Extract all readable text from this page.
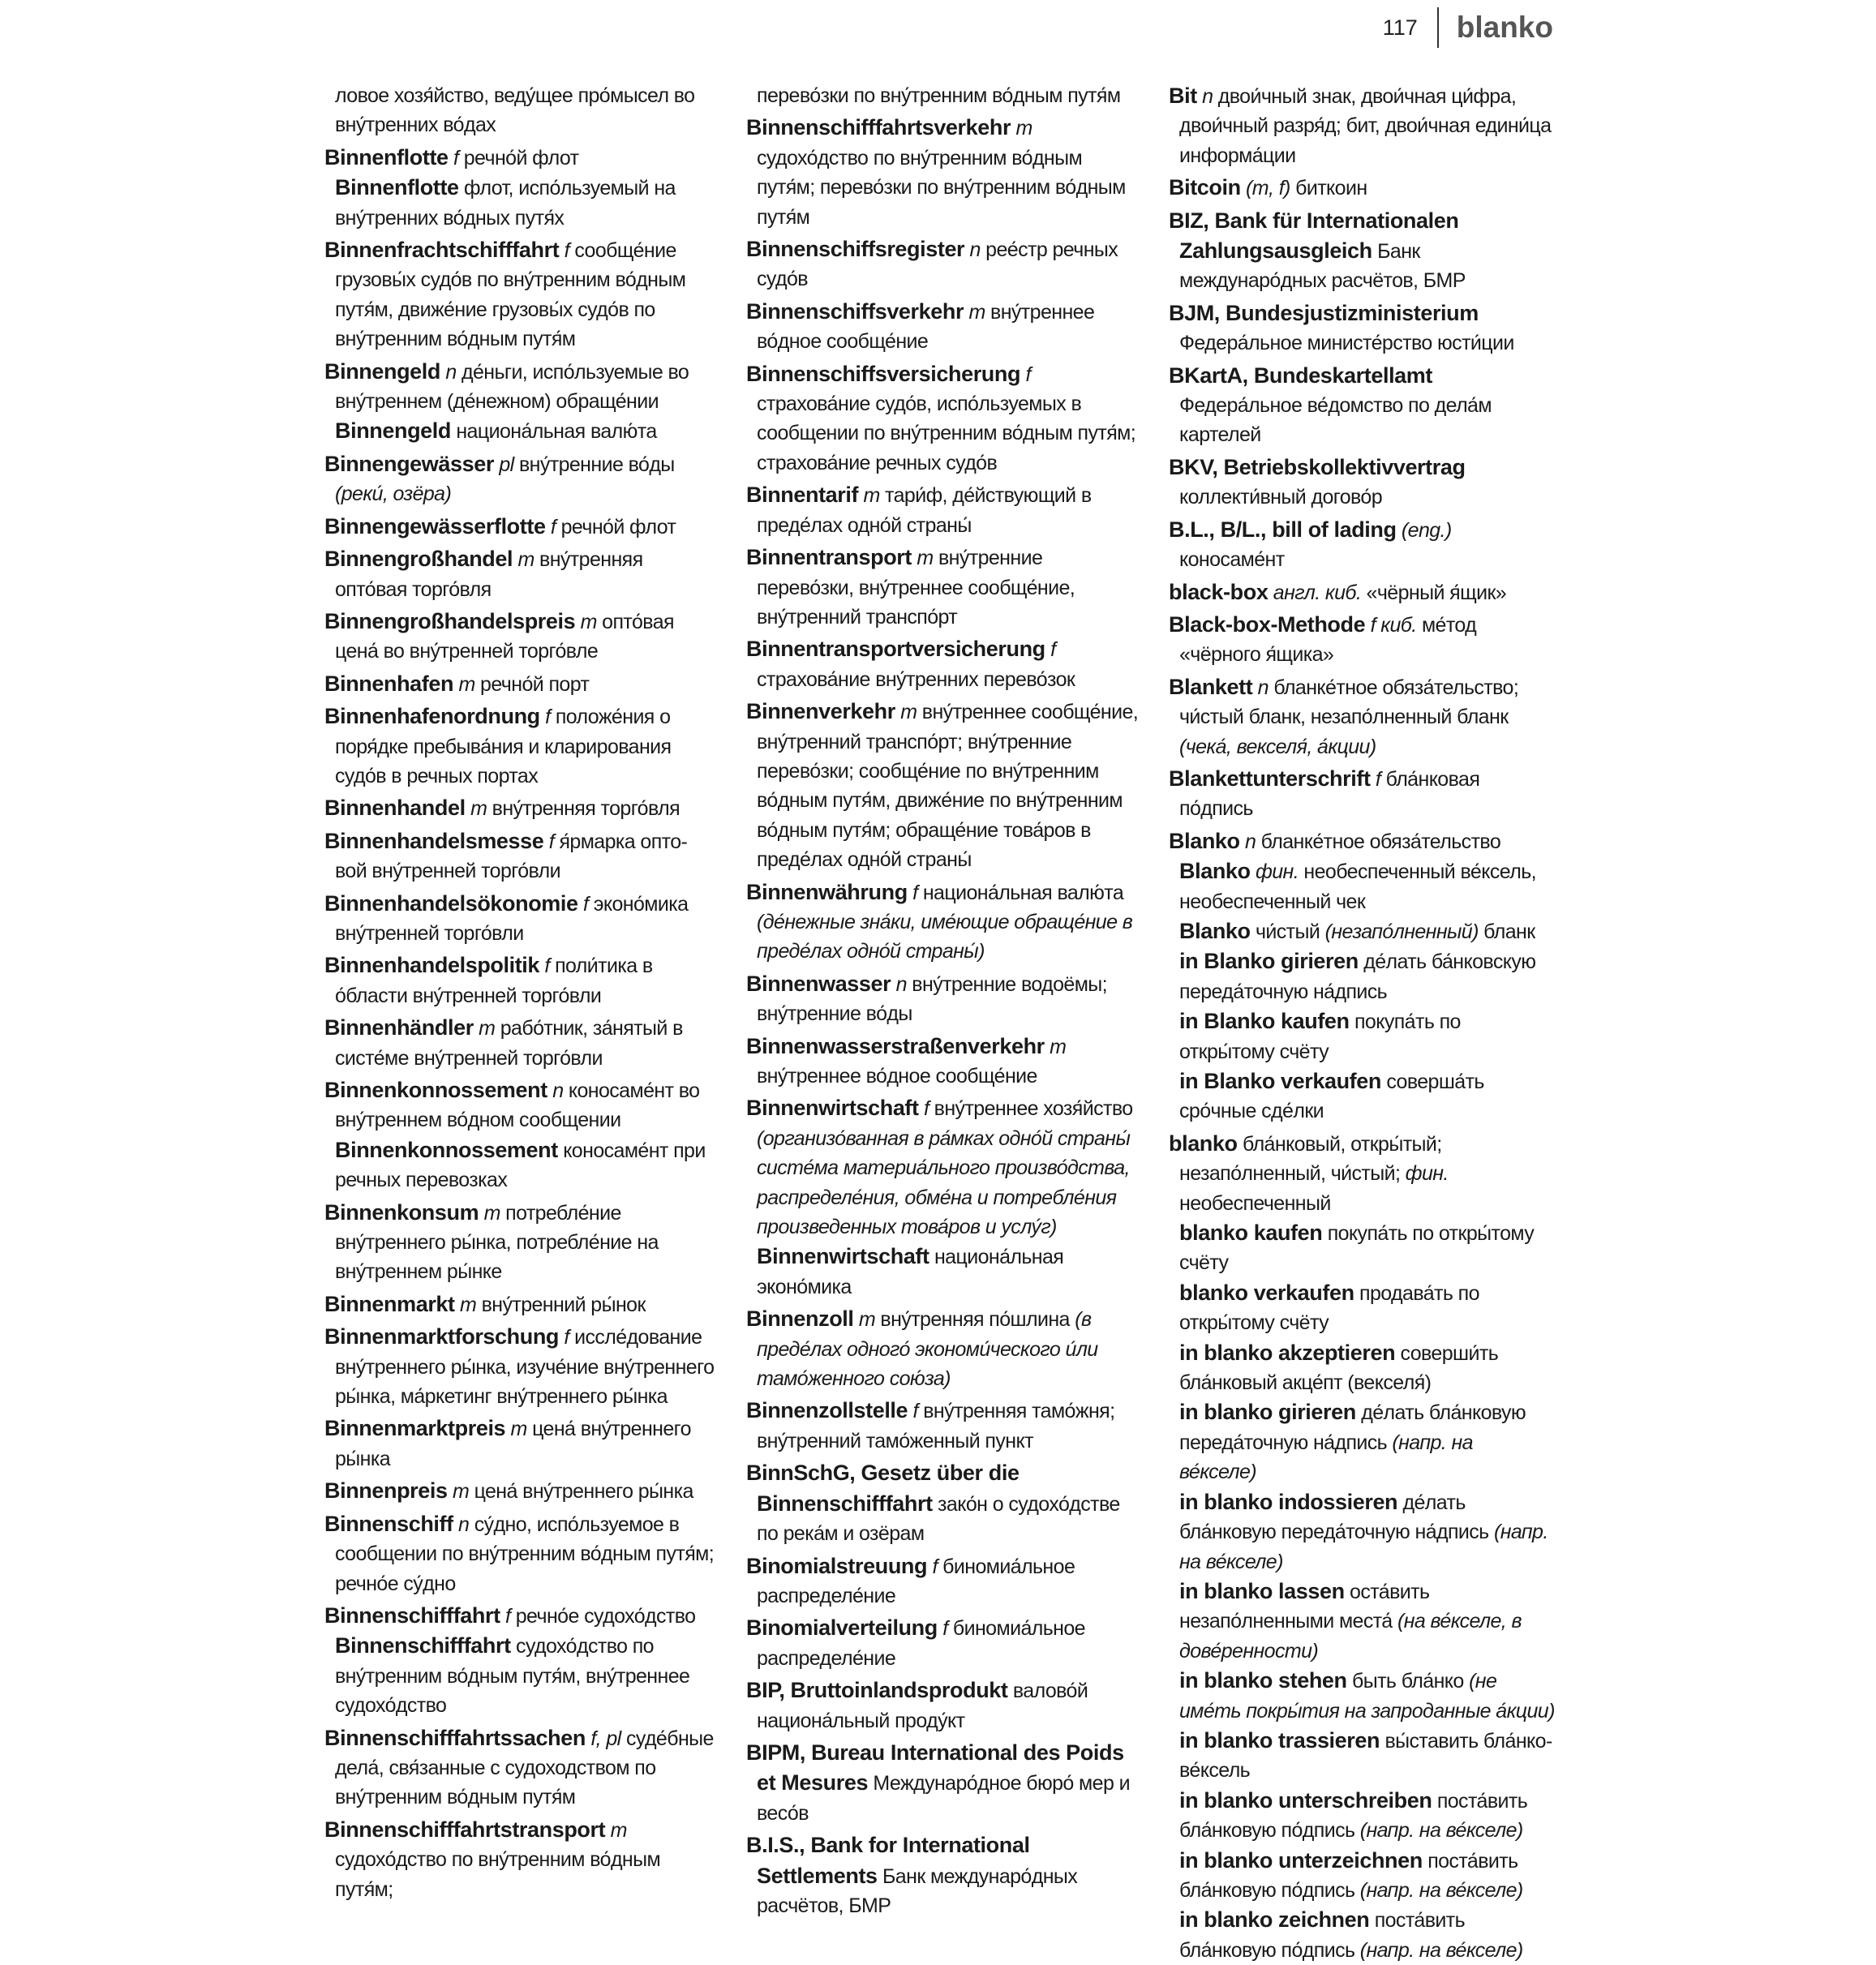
117 blanko

ловое хозя́йство, веду́щее про́мысел во вну́тренних во́дах

Binnenflotte f речно́й флот

Binnenflotte флот, испо́льзуемый на вну́тренних во́дных путя́х

Binnenfrachtschifffahrt f сообще́ние грузовы́х судо́в по вну́тренним во́дным путя́м, движе́ние грузовы́х судо́в по вну́тренним во́дным путя́м

Binnengeld n де́ньги, испо́льзуемые во вну́треннем (де́нежном) обраще́нии

Binnengeld национа́льная валю́та

Binnengewässer pl вну́тренние во́ды (реки́, озёра)

Binnengewässerflotte f речно́й флот

Binnengroßhandel m вну́тренняя опто́вая торго́вля

Binnengroßhandelspreis m опто́вая цена́ во вну́тренней торго́вле

Binnenhafen m речно́й порт

Binnenhafenordnung f положе́ния о поря́дке пребыва́ния и кларирования судо́в в речных портах

Binnenhandel m вну́тренняя торго́вля

Binnenhandelsmesse f я́рмарка опто-вой вну́тренней торго́вли

Binnenhandelsökonomie f эконо́мика вну́тренней торго́вли

Binnenhandelspolitik f поли́тика в о́бласти вну́тренней торго́вли

Binnenhändler m рабо́тник, за́нятый в систе́ме вну́тренней торго́вли

Binnenkonnossement n коносаме́нт во вну́треннем во́дном сообщении

Binnenkonnossement коносаме́нт при речных перевозках

Binnenkonsum m потребле́ние вну́треннего ры́нка, потребле́ние на вну́треннем ры́нке

Binnenmarkt m вну́тренний ры́нок

Binnenmarktforschung f иссле́дование вну́треннего ры́нка, изуче́ние вну́треннего ры́нка, ма́ркетинг вну́треннего ры́нка

Binnenmarktpreis m цена́ вну́треннего ры́нка

Binnenpreis m цена́ вну́треннего ры́нка

Binnenschiff n су́дно, испо́льзуемое в сообщении по вну́тренним во́дным путя́м; речно́е су́дно

Binnenschifffahrt f речно́е судохо́дство

Binnenschifffahrt судохо́дство по вну́тренним во́дным путя́м, вну́треннее судохо́дство

Binnenschifffahrtssachen f, pl суде́бные дела́, свя́занные с судоходством по вну́тренним во́дным путя́м

Binnenschifffahrtstransport m судохо́дство по вну́тренним во́дным путя́м;

перево́зки по вну́тренним во́дным путя́м

Binnenschifffahrtsverkehr m судохо́дство по вну́тренним во́дным путя́м; перево́зки по вну́тренним во́дным путя́м

Binnenschiffsregister n рее́стр речных судо́в

Binnenschiffsverkehr m вну́треннее во́дное сообще́ние

Binnenschiffsversicherung f страхова́ние судо́в, испо́льзуемых в сообщении по вну́тренним во́дным путя́м; страхова́ние речных судо́в

Binnentarif m тари́ф, де́йствующий в преде́лах одно́й страны́

Binnentransport m вну́тренние перево́зки, вну́треннее сообще́ние, вну́тренний транспо́рт

Binnentransportversicherung f страхова́ние вну́тренних перево́зок

Binnenverkehr m вну́треннее сообще́ние, вну́тренний транспо́рт; вну́тренние перево́зки; сообще́ние по вну́тренним во́дным путя́м, движе́ние по вну́тренним во́дным путя́м; обраще́ние това́ров в преде́лах одно́й страны́

Binnenwährung f национа́льная валю́та (де́нежные зна́ки, име́ющие обраще́ние в преде́лах одно́й страны́)

Binnenwasser n вну́тренние водоёмы; вну́тренние во́ды

Binnenwasserstraßenverkehr m вну́треннее во́дное сообще́ние

Binnenwirtschaft f вну́треннее хозя́йство (организо́ванная в ра́мках одно́й страны́ систе́ма материа́льного произво́дства, распределе́ния, обме́на и потребле́ния произведенных това́ров и услу́г)

Binnenwirtschaft национа́льная эконо́мика

Binnenzoll m вну́тренняя по́шлина (в преде́лах одного́ экономи́ческого и́ли тамо́женного сою́за)

Binnenzollstelle f вну́тренняя тамо́жня; вну́тренний тамо́женный пункт

BinnSchG, Gesetz über die Binnenschifffahrt зако́н о судохо́дстве по река́м и озёрам

Binomialstreuung f биномиа́льное распределе́ние

Binomialverteilung f биномиа́льное распределе́ние

BIP, Bruttoinlandsprodukt валово́й национа́льный проду́кт

BIPM, Bureau International des Poids et Mesures Междунаро́дное бюро́ мер и весо́в

B.I.S., Bank for International Settlements Банк междунаро́дных расчётов, БМР

Bit n двои́чный знак, двои́чная ци́фра, двои́чный разря́д; бит, двои́чная едини́ца информа́ции

Bitcoin (m, f) биткоин

BIZ, Bank für Internationalen Zahlungsausgleich Банк междунаро́дных расчётов, БМР

BJM, Bundesjustizministerium Федера́льное министе́рство юсти́ции

BKartA, Bundeskartellamt Федера́льное ве́домство по дела́м картелей

BKV, Betriebskollektivvertrag коллекти́вный догово́р

B.L., B/L., bill of lading (eng.) коносаме́нт

black-box англ. киб. «чёрный я́щик»

Black-box-Methode f киб. ме́тод «чёрного я́щика»

Blankett n бланке́тное обяза́тельство; чи́стый бланк, незапо́лненный бланк (чека́, векселя́, а́кции)

Blankettunterschrift f бла́нковая по́дпись

Blanko n бланке́тное обяза́тельство

Blanko фин. необеспеченный ве́ксель, необеспеченный чек

Blanko чи́стый (незапо́лненный) бланк

in Blanko girieren де́лать ба́нковскую переда́точную на́дпись

in Blanko kaufen покупа́ть по откры́тому счёту

in Blanko verkaufen соверша́ть сро́чные сде́лки

blanko бла́нковый, откры́тый; незапо́лненный, чи́стый; фин. необеспеченный

blanko kaufen покупа́ть по откры́тому счёту

blanko verkaufen продава́ть по откры́тому счёту

in blanko akzeptieren соверши́ть бла́нковый акце́пт (векселя́)

in blanko girieren де́лать бла́нковую переда́точную на́дпись (напр. на ве́кселе)

in blanko indossieren де́лать бла́нковую переда́точную на́дпись (напр. на ве́кселе)

in blanko lassen оста́вить незапо́лненными места́ (на ве́кселе, в дове́ренности)

in blanko stehen быть бла́нко (не име́ть покры́тия на запроданные а́кции)

in blanko trassieren вы́ставить бла́нко-ве́ксель

in blanko unterschreiben поста́вить бла́нковую по́дпись (напр. на ве́кселе)

in blanko unterzeichnen поста́вить бла́нковую по́дпись (напр. на ве́кселе)

in blanko zeichnen поста́вить бла́нковую по́дпись (напр. на ве́кселе)
